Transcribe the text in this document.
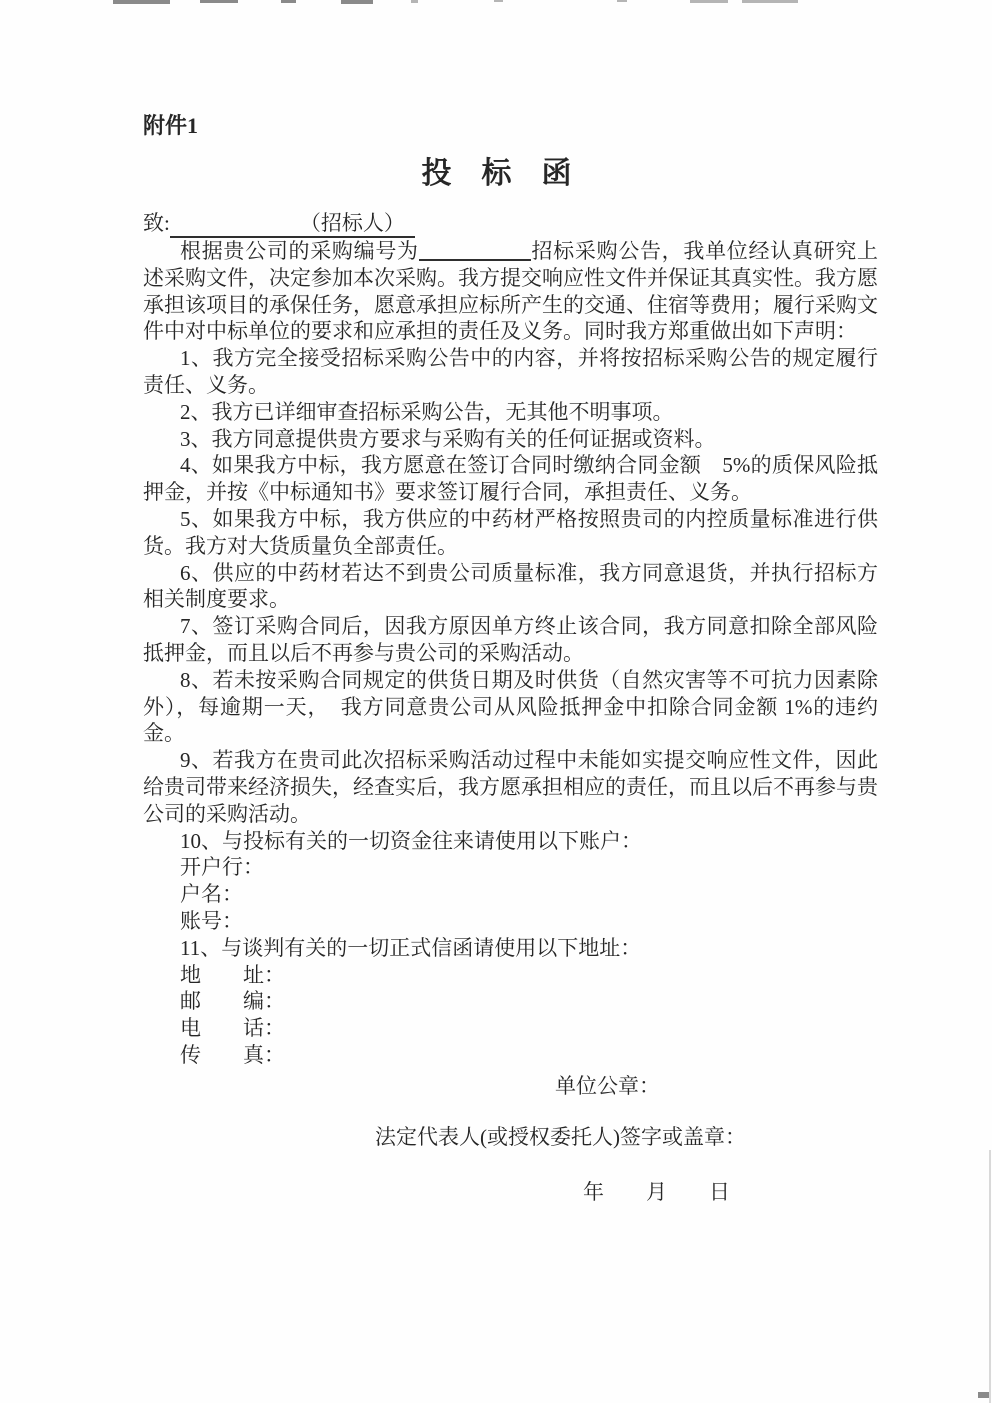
附件1
投　标　函
致:	（招标人）

根据贵公司的采购编号为	招标采购公告，我单位经认真研究上述采购文件，决定参加本次采购。我方提交响应性文件并保证其真实性。我方愿承担该项目的承保任务，愿意承担应标所产生的交通、住宿等费用；履行采购文件中对中标单位的要求和应承担的责任及义务。同时我方郑重做出如下声明：

1、我方完全接受招标采购公告中的内容，并将按招标采购公告的规定履行责任、义务。

2、我方已详细审查招标采购公告，无其他不明事项。

3、我方同意提供贵方要求与采购有关的任何证据或资料。

4、如果我方中标，我方愿意在签订合同时缴纳合同金额　5%的质保风险抵押金，并按《中标通知书》要求签订履行合同，承担责任、义务。

5、如果我方中标，我方供应的中药材严格按照贵司的内控质量标准进行供货。我方对大货质量负全部责任。

6、供应的中药材若达不到贵公司质量标准，我方同意退货，并执行招标方相关制度要求。

7、签订采购合同后，因我方原因单方终止该合同，我方同意扣除全部风险抵押金，而且以后不再参与贵公司的采购活动。

8、若未按采购合同规定的供货日期及时供货（自然灾害等不可抗力因素除外），每逾期一天，　我方同意贵公司从风险抵押金中扣除合同金额 1%的违约金。

9、若我方在贵司此次招标采购活动过程中未能如实提交响应性文件，因此给贵司带来经济损失，经查实后，我方愿承担相应的责任，而且以后不再参与贵公司的采购活动。

10、与投标有关的一切资金往来请使用以下账户：

开户行：
户名：
账号：

11、与谈判有关的一切正式信函请使用以下地址：

地　　址：
邮　　编：
电　　话：
传　　真：
单位公章：
法定代表人(或授权委托人)签字或盖章：
年　　月　　日
